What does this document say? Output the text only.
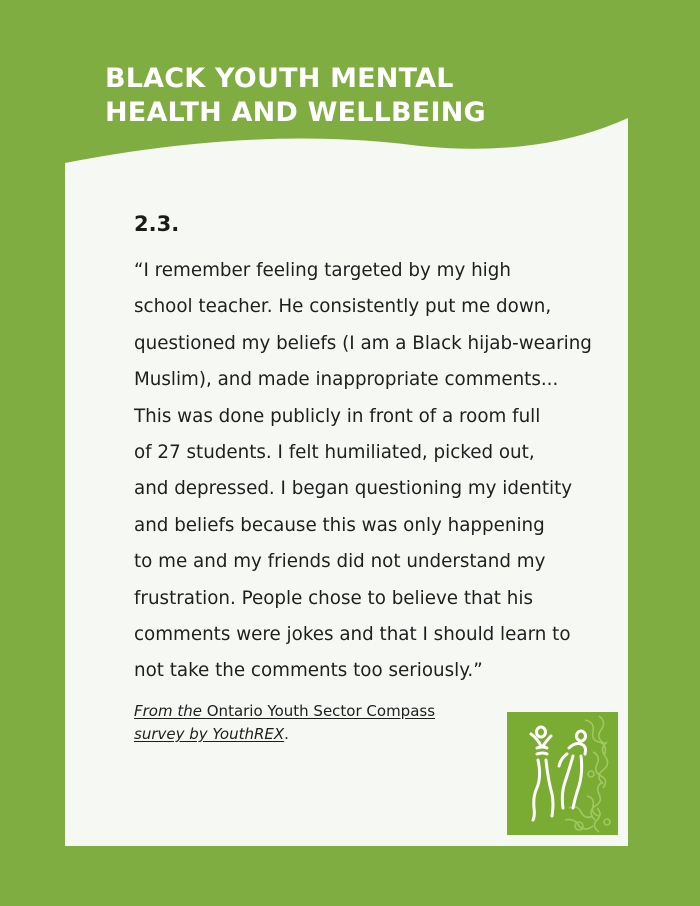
BLACK YOUTH MENTAL
HEALTH AND WELLBEING
2.3.
“I remember feeling targeted by my high
school teacher. He consistently put me down,
questioned my beliefs (I am a Black hijab-wearing
Muslim), and made inappropriate comments...
This was done publicly in front of a room full
of 27 students. I felt humiliated, picked out,
and depressed. I began questioning my identity
and beliefs because this was only happening
to me and my friends did not understand my
frustration. People chose to believe that his
comments were jokes and that I should learn to
not take the comments too seriously.”
From the Ontario Youth Sector Compass
survey by YouthREX.
